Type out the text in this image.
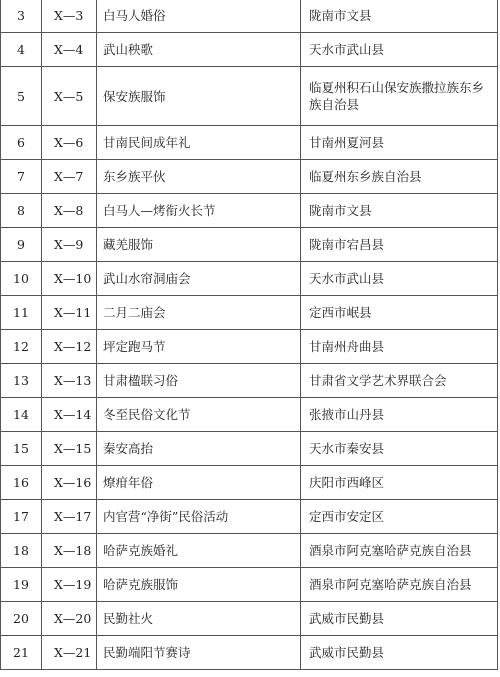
3	Ⅹ—3	白马人婚俗	陇南市文县
4	Ⅹ—4	武山秧歌	天水市武山县
5	Ⅹ—5	保安族服饰	临夏州积石山保安族撒拉族东乡族自治县
6	Ⅹ—6	甘南民间成年礼	甘南州夏河县
7	Ⅹ—7	东乡族平伙	临夏州东乡族自治县
8	Ⅹ—8	白马人—烤衔火长节	陇南市文县
9	Ⅹ—9	藏羌服饰	陇南市宕昌县
10	Ⅹ—10	武山水帘洞庙会	天水市武山县
11	Ⅹ—11	二月二庙会	定西市岷县
12	Ⅹ—12	坪定跑马节	甘南州舟曲县
13	Ⅹ—13	甘肃楹联习俗	甘肃省文学艺术界联合会
14	Ⅹ—14	冬至民俗文化节	张掖市山丹县
15	Ⅹ—15	秦安高抬	天水市秦安县
16	Ⅹ—16	燎疳年俗	庆阳市西峰区
17	Ⅹ—17	内官营“净街”民俗活动	定西市安定区
18	Ⅹ—18	哈萨克族婚礼	酒泉市阿克塞哈萨克族自治县
19	Ⅹ—19	哈萨克族服饰	酒泉市阿克塞哈萨克族自治县
20	Ⅹ—20	民勤社火	武威市民勤县
21	Ⅹ—21	民勤端阳节赛诗	武威市民勤县
